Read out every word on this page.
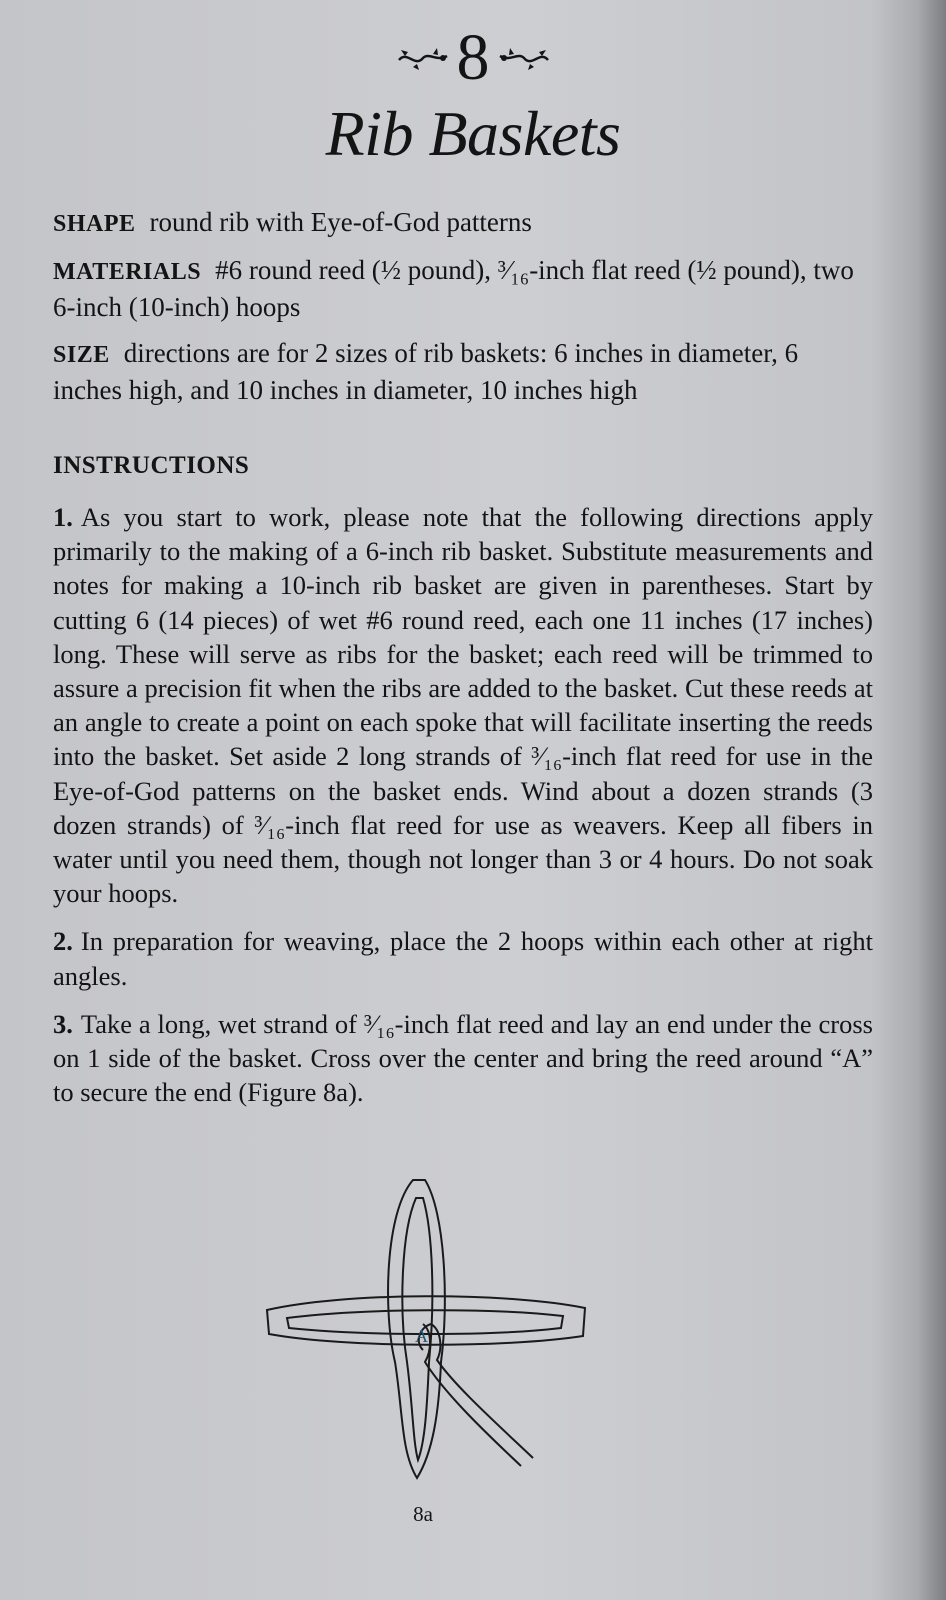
8
Rib Baskets

SHAPE round rib with Eye-of-God patterns

MATERIALS #6 round reed (½ pound), ³⁄₁₆-inch flat reed (½ pound), two 6-inch (10-inch) hoops

SIZE directions are for 2 sizes of rib baskets: 6 inches in diameter, 6 inches high, and 10 inches in diameter, 10 inches high

INSTRUCTIONS

1. As you start to work, please note that the following directions apply primarily to the making of a 6-inch rib basket. Substitute measurements and notes for making a 10-inch rib basket are given in parentheses. Start by cutting 6 (14 pieces) of wet #6 round reed, each one 11 inches (17 inches) long. These will serve as ribs for the basket; each reed will be trimmed to assure a precision fit when the ribs are added to the basket. Cut these reeds at an angle to create a point on each spoke that will facilitate inserting the reeds into the basket. Set aside 2 long strands of ³⁄₁₆-inch flat reed for use in the Eye-of-God patterns on the basket ends. Wind about a dozen strands (3 dozen strands) of ³⁄₁₆-inch flat reed for use as weavers. Keep all fibers in water until you need them, though not longer than 3 or 4 hours. Do not soak your hoops.

2. In preparation for weaving, place the 2 hoops within each other at right angles.

3. Take a long, wet strand of ³⁄₁₆-inch flat reed and lay an end under the cross on 1 side of the basket. Cross over the center and bring the reed around “A” to secure the end (Figure 8a).

A
8a
